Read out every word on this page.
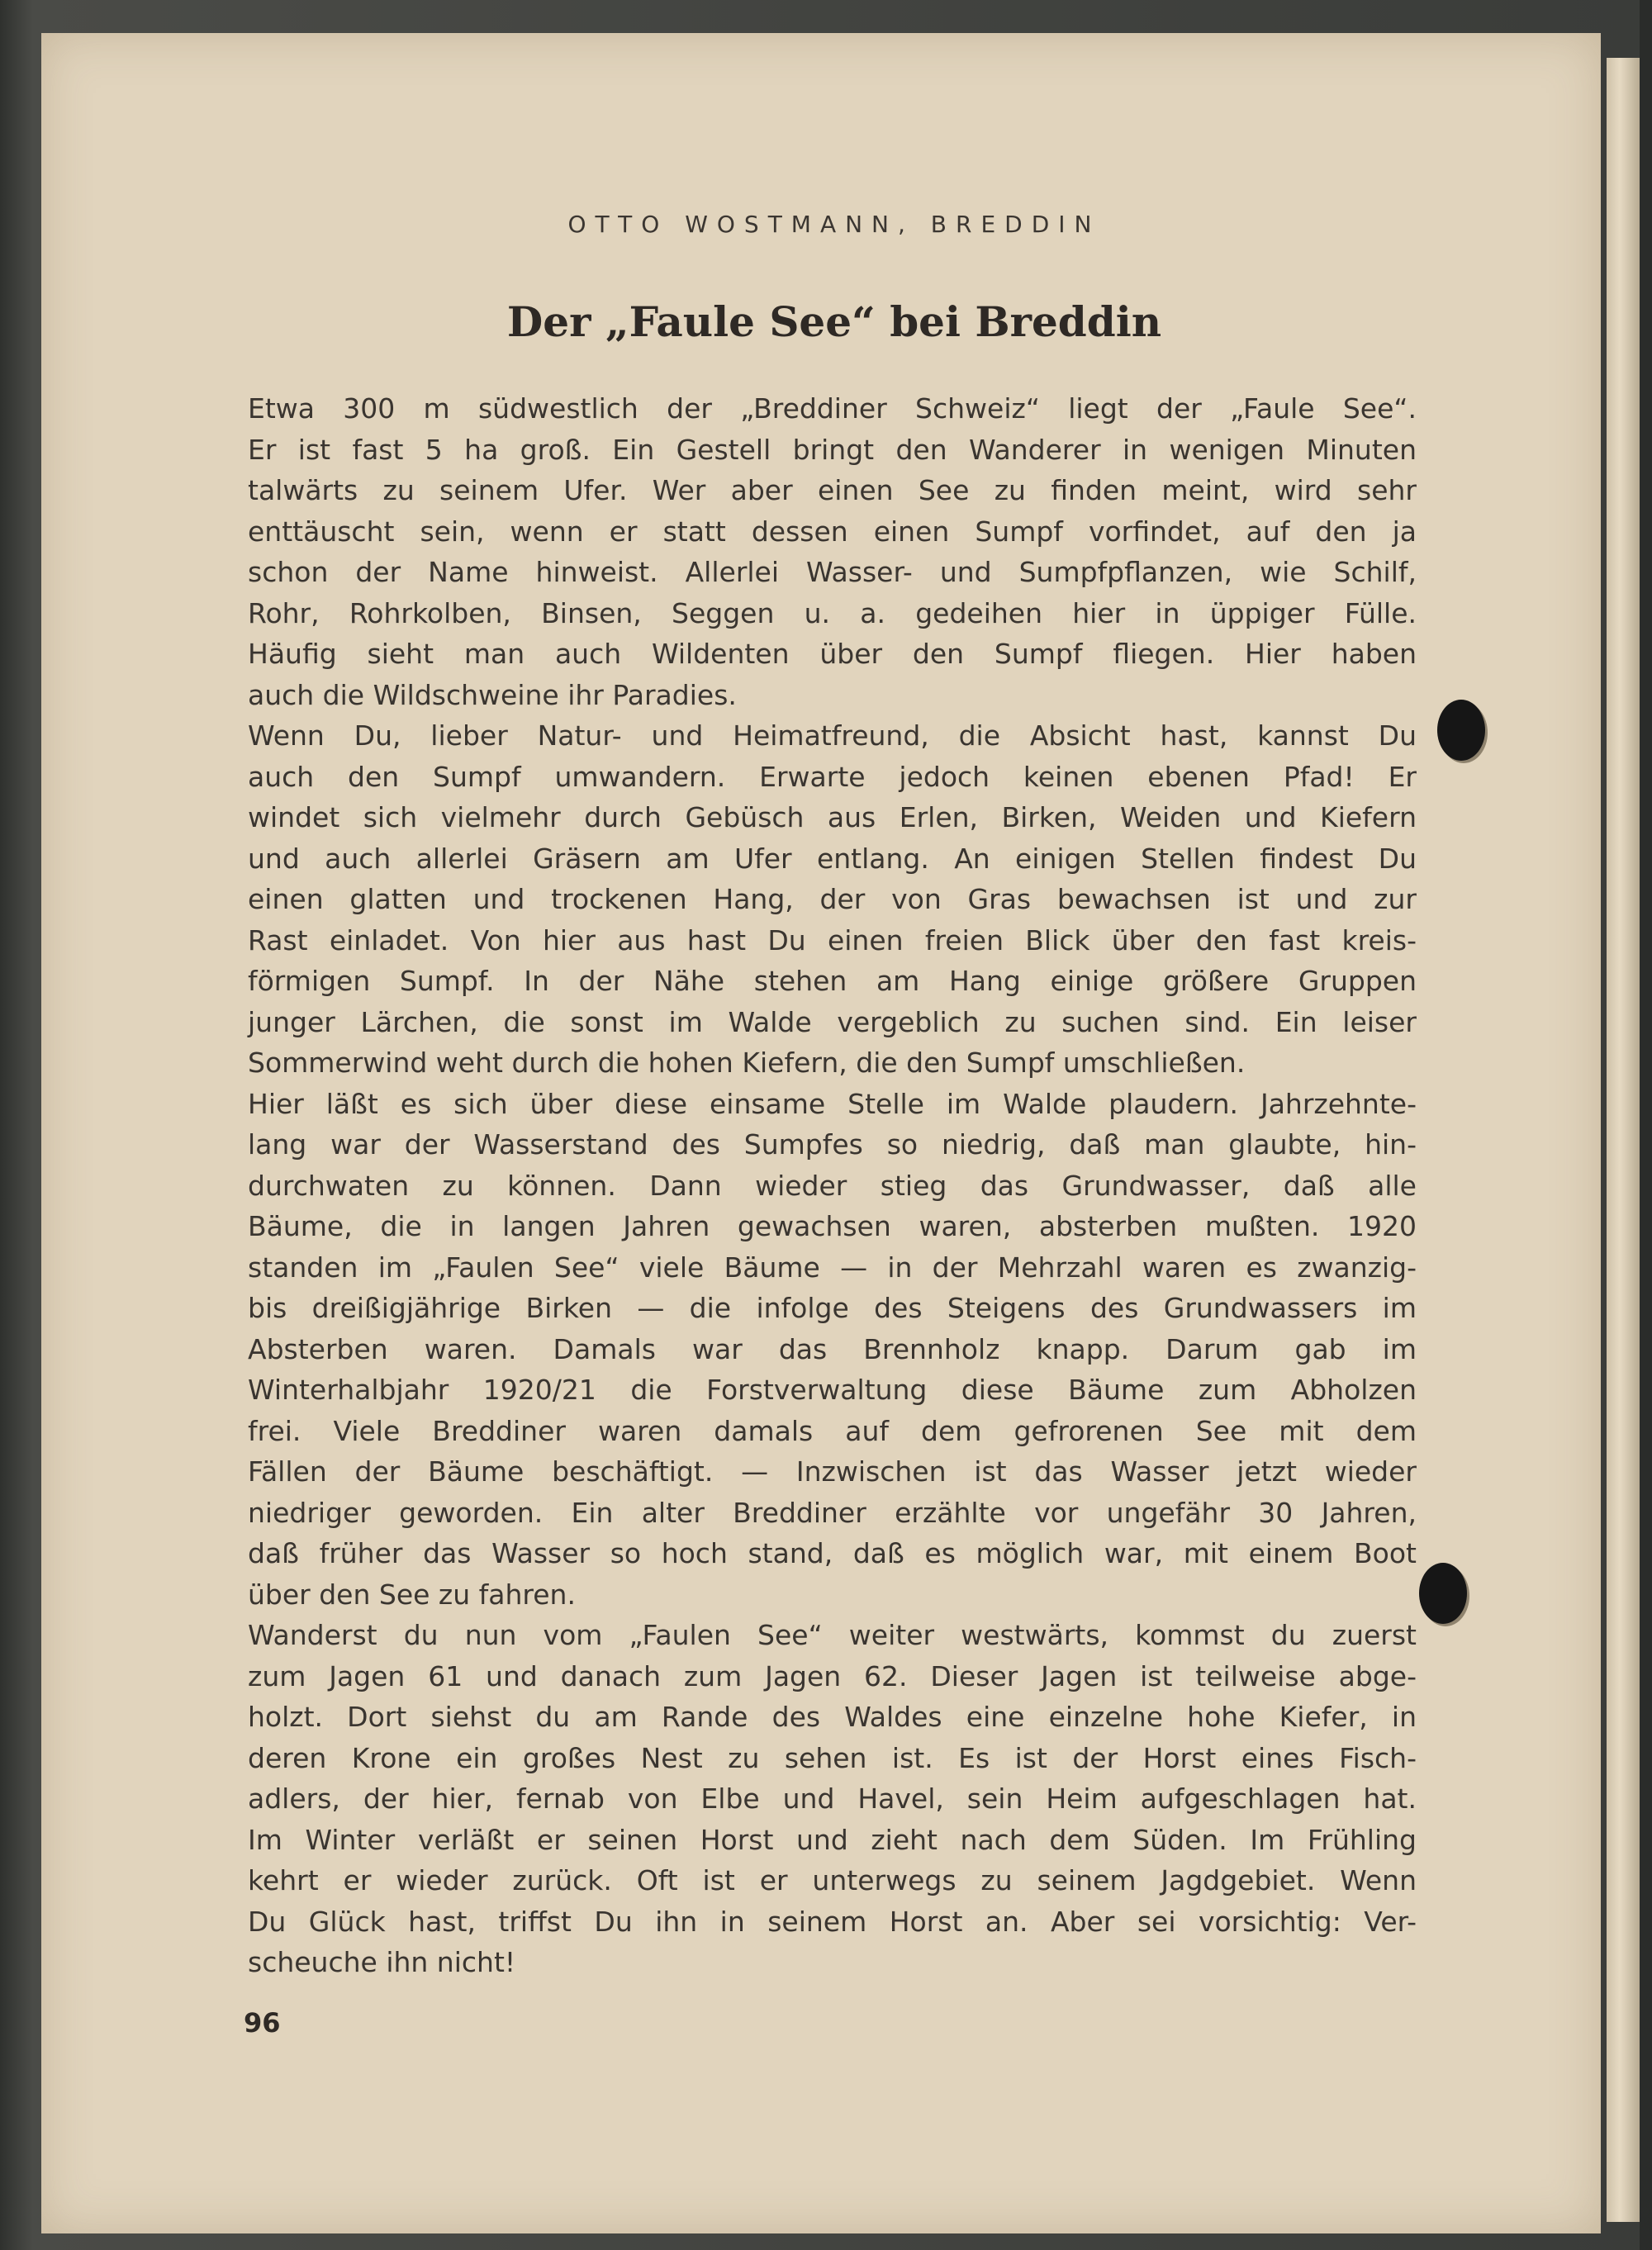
OTTO WOSTMANN, BREDDIN
Der „Faule See“ bei Breddin
Etwa 300 m südwestlich der „Breddiner Schweiz“ liegt der „Faule See“.
Er ist fast 5 ha groß. Ein Gestell bringt den Wanderer in wenigen Minuten
talwärts zu seinem Ufer. Wer aber einen See zu finden meint, wird sehr
enttäuscht sein, wenn er statt dessen einen Sumpf vorfindet, auf den ja
schon der Name hinweist. Allerlei Wasser- und Sumpfpflanzen, wie Schilf,
Rohr, Rohrkolben, Binsen, Seggen u. a. gedeihen hier in üppiger Fülle.
Häufig sieht man auch Wildenten über den Sumpf fliegen. Hier haben
auch die Wildschweine ihr Paradies.
Wenn Du, lieber Natur- und Heimatfreund, die Absicht hast, kannst Du
auch den Sumpf umwandern. Erwarte jedoch keinen ebenen Pfad! Er
windet sich vielmehr durch Gebüsch aus Erlen, Birken, Weiden und Kiefern
und auch allerlei Gräsern am Ufer entlang. An einigen Stellen findest Du
einen glatten und trockenen Hang, der von Gras bewachsen ist und zur
Rast einladet. Von hier aus hast Du einen freien Blick über den fast kreis-
förmigen Sumpf. In der Nähe stehen am Hang einige größere Gruppen
junger Lärchen, die sonst im Walde vergeblich zu suchen sind. Ein leiser
Sommerwind weht durch die hohen Kiefern, die den Sumpf umschließen.
Hier läßt es sich über diese einsame Stelle im Walde plaudern. Jahrzehnte-
lang war der Wasserstand des Sumpfes so niedrig, daß man glaubte, hin-
durchwaten zu können. Dann wieder stieg das Grundwasser, daß alle
Bäume, die in langen Jahren gewachsen waren, absterben mußten. 1920
standen im „Faulen See“ viele Bäume — in der Mehrzahl waren es zwanzig-
bis dreißigjährige Birken — die infolge des Steigens des Grundwassers im
Absterben waren. Damals war das Brennholz knapp. Darum gab im
Winterhalbjahr 1920/21 die Forstverwaltung diese Bäume zum Abholzen
frei. Viele Breddiner waren damals auf dem gefrorenen See mit dem
Fällen der Bäume beschäftigt. — Inzwischen ist das Wasser jetzt wieder
niedriger geworden. Ein alter Breddiner erzählte vor ungefähr 30 Jahren,
daß früher das Wasser so hoch stand, daß es möglich war, mit einem Boot
über den See zu fahren.
Wanderst du nun vom „Faulen See“ weiter westwärts, kommst du zuerst
zum Jagen 61 und danach zum Jagen 62. Dieser Jagen ist teilweise abge-
holzt. Dort siehst du am Rande des Waldes eine einzelne hohe Kiefer, in
deren Krone ein großes Nest zu sehen ist. Es ist der Horst eines Fisch-
adlers, der hier, fernab von Elbe und Havel, sein Heim aufgeschlagen hat.
Im Winter verläßt er seinen Horst und zieht nach dem Süden. Im Frühling
kehrt er wieder zurück. Oft ist er unterwegs zu seinem Jagdgebiet. Wenn
Du Glück hast, triffst Du ihn in seinem Horst an. Aber sei vorsichtig: Ver-
scheuche ihn nicht!
96
